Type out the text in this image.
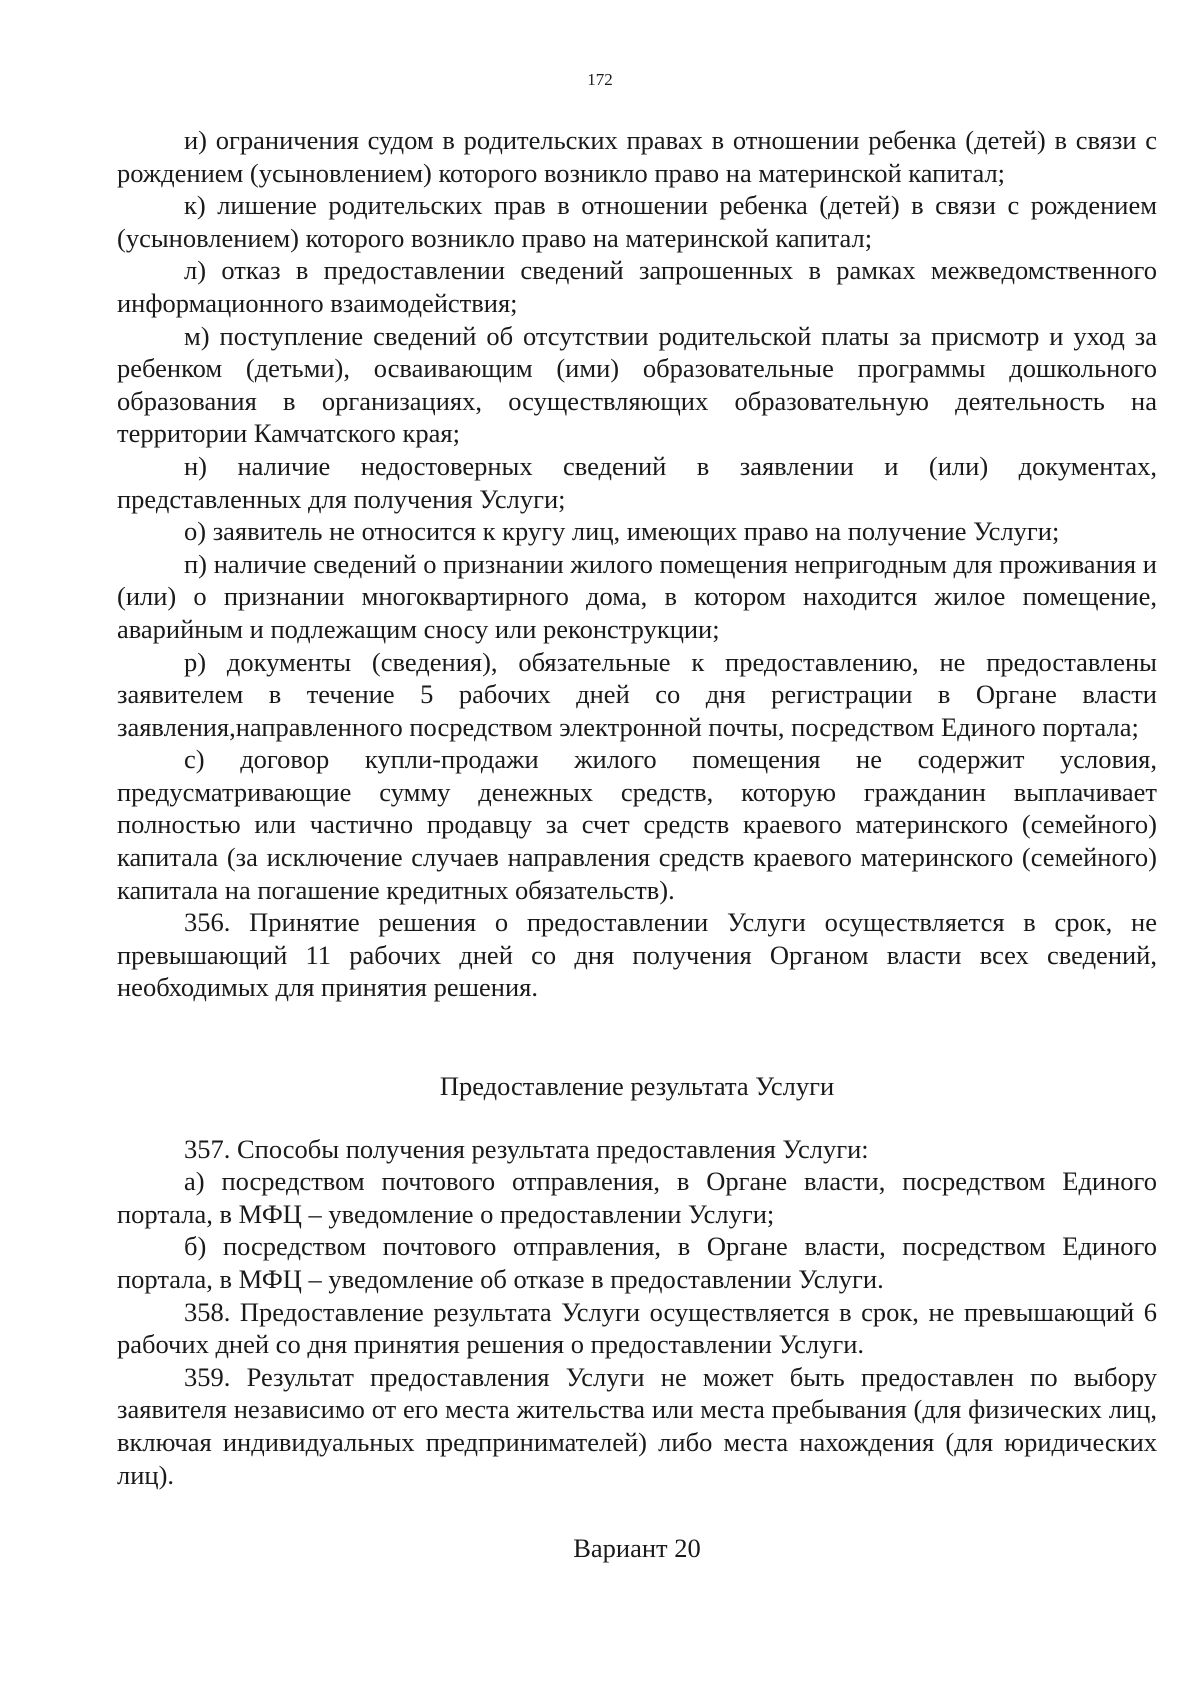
172

и) ограничения судом в родительских правах в отношении ребенка (детей) в связи с рождением (усыновлением) которого возникло право на материнской капитал;

к) лишение родительских прав в отношении ребенка (детей) в связи с рождением (усыновлением) которого возникло право на материнской капитал;

л) отказ в предоставлении сведений запрошенных в рамках межведомственного информационного взаимодействия;

м) поступление сведений об отсутствии родительской платы за присмотр и уход за ребенком (детьми), осваивающим (ими) образовательные программы дошкольного образования в организациях, осуществляющих образовательную деятельность на территории Камчатского края;

н) наличие недостоверных сведений в заявлении и (или) документах, представленных для получения Услуги;

о) заявитель не относится к кругу лиц, имеющих право на получение Услуги;

п) наличие сведений о признании жилого помещения непригодным для проживания и (или) о признании многоквартирного дома, в котором находится жилое помещение, аварийным и подлежащим сносу или реконструкции;

р) документы (сведения), обязательные к предоставлению, не предоставлены заявителем в течение 5 рабочих дней со дня регистрации в Органе власти заявления,направленного посредством электронной почты, посредством Единого портала;

с) договор купли-продажи жилого помещения не содержит условия, предусматривающие сумму денежных средств, которую гражданин выплачивает полностью или частично продавцу за счет средств краевого материнского (семейного) капитала (за исключение случаев направления средств краевого материнского (семейного) капитала на погашение кредитных обязательств).

356. Принятие решения о предоставлении Услуги осуществляется в срок, не превышающий 11 рабочих дней со дня получения Органом власти всех сведений, необходимых для принятия решения.

Предоставление результата Услуги

357. Способы получения результата предоставления Услуги:

а) посредством почтового отправления, в Органе власти, посредством Единого портала, в МФЦ – уведомление о предоставлении Услуги;

б) посредством почтового отправления, в Органе власти, посредством Единого портала, в МФЦ – уведомление об отказе в предоставлении Услуги.

358. Предоставление результата Услуги осуществляется в срок, не превышающий 6 рабочих дней со дня принятия решения о предоставлении Услуги.

359. Результат предоставления Услуги не может быть предоставлен по выбору заявителя независимо от его места жительства или места пребывания (для физических лиц, включая индивидуальных предпринимателей) либо места нахождения (для юридических лиц).

Вариант 20
